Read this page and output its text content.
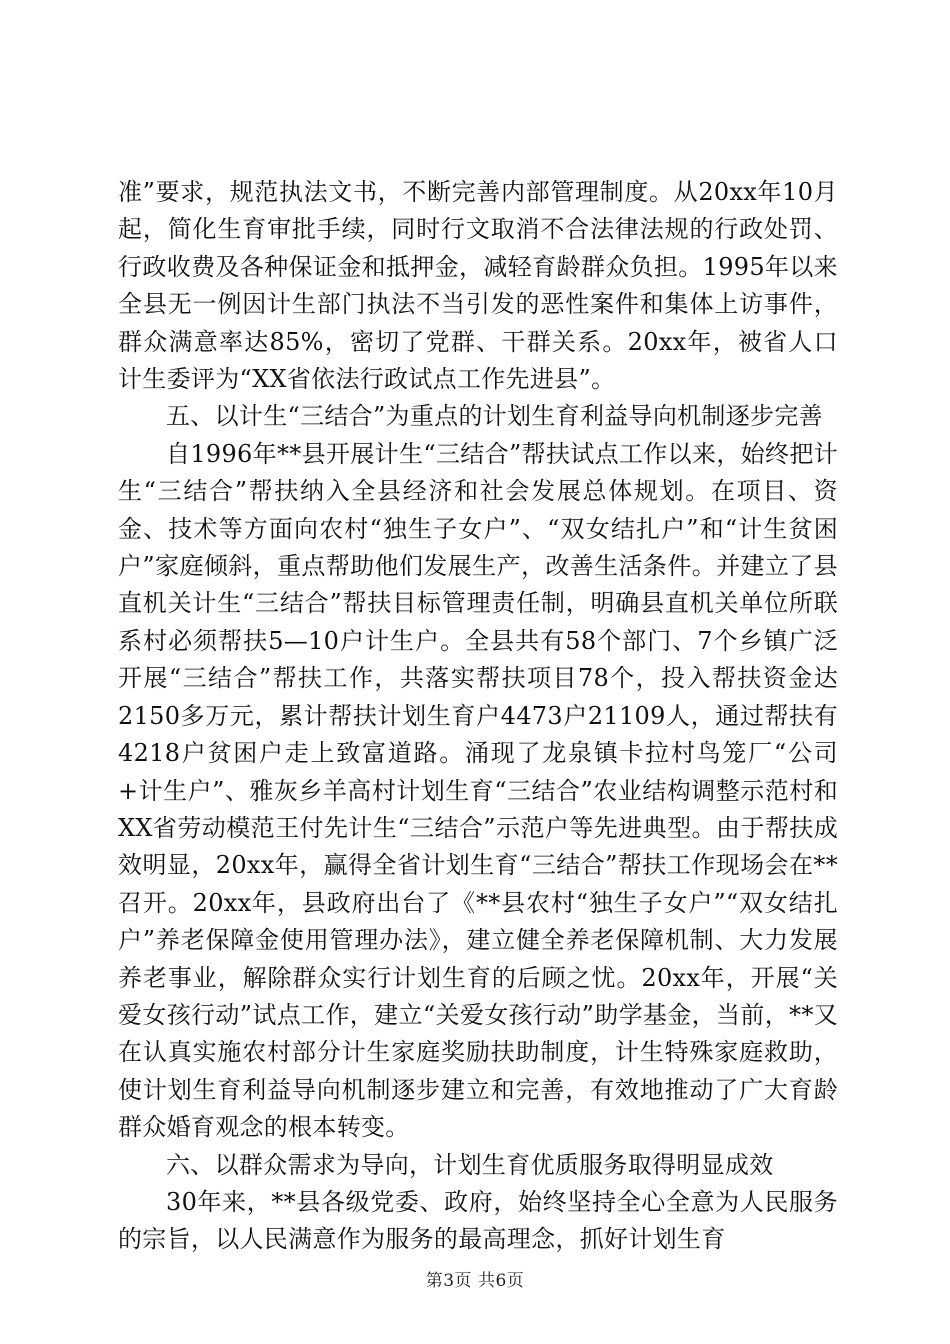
准”要求，规范执法文书，不断完善内部管理制度。从20xx年10月起，简化生育审批手续，同时行文取消不合法律法规的行政处罚、行政收费及各种保证金和抵押金，减轻育龄群众负担。1995年以来全县无一例因计生部门执法不当引发的恶性案件和集体上访事件，群众满意率达85%，密切了党群、干群关系。20xx年，被省人口计生委评为“XX省依法行政试点工作先进县”。

五、以计生“三结合”为重点的计划生育利益导向机制逐步完善

自1996年**县开展计生“三结合”帮扶试点工作以来，始终把计生“三结合”帮扶纳入全县经济和社会发展总体规划。在项目、资金、技术等方面向农村“独生子女户”、“双女结扎户”和“计生贫困户”家庭倾斜，重点帮助他们发展生产，改善生活条件。并建立了县直机关计生“三结合”帮扶目标管理责任制，明确县直机关单位所联系村必须帮扶5—10户计生户。全县共有58个部门、7个乡镇广泛开展“三结合”帮扶工作，共落实帮扶项目78个，投入帮扶资金达2150多万元，累计帮扶计划生育户4473户21109人，通过帮扶有4218户贫困户走上致富道路。涌现了龙泉镇卡拉村鸟笼厂“公司+计生户”、雅灰乡羊高村计划生育“三结合”农业结构调整示范村和XX省劳动模范王付先计生“三结合”示范户等先进典型。由于帮扶成效明显，20xx年，赢得全省计划生育“三结合”帮扶工作现场会在**召开。20xx年，县政府出台了《**县农村“独生子女户”“双女结扎户”养老保障金使用管理办法》，建立健全养老保障机制、大力发展养老事业，解除群众实行计划生育的后顾之忧。20xx年，开展“关爱女孩行动”试点工作，建立“关爱女孩行动”助学基金，当前，**又在认真实施农村部分计生家庭奖励扶助制度，计生特殊家庭救助，使计划生育利益导向机制逐步建立和完善，有效地推动了广大育龄群众婚育观念的根本转变。

六、以群众需求为导向，计划生育优质服务取得明显成效

30年来，**县各级党委、政府，始终坚持全心全意为人民服务的宗旨，以人民满意作为服务的最高理念，抓好计划生育

第3页 共6页
